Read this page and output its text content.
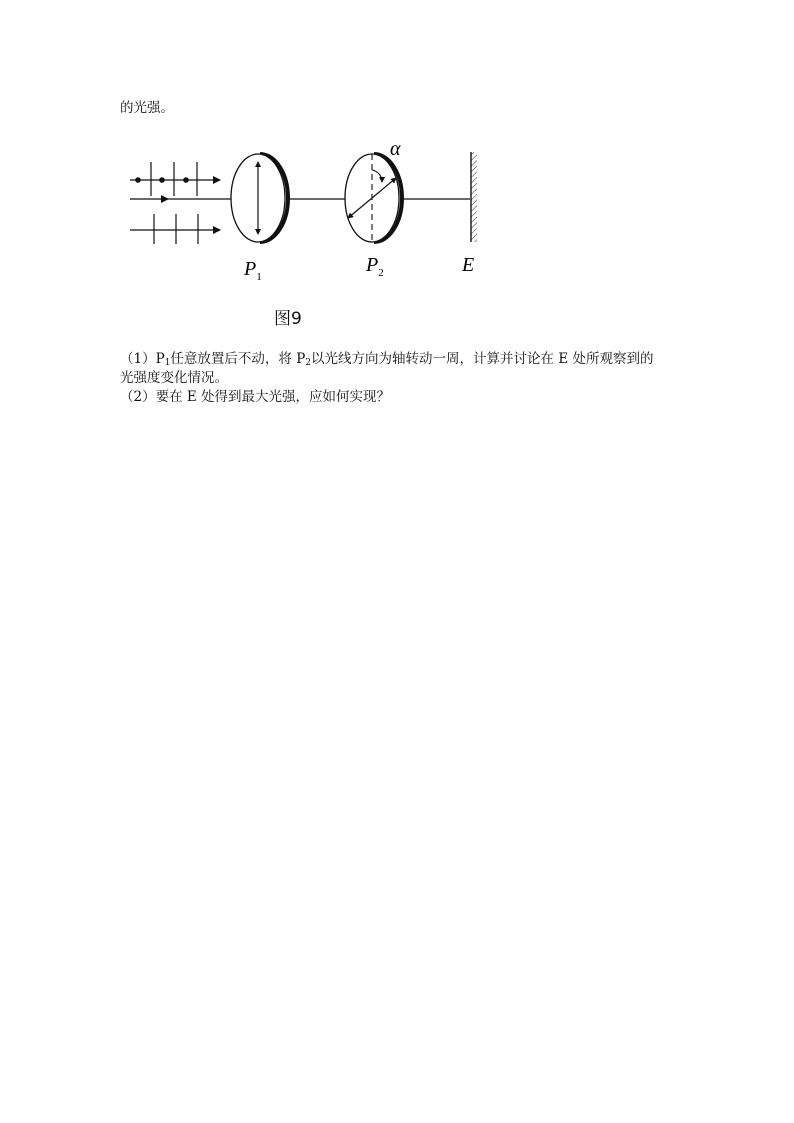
的光强。
$P_1$
$P_2$	E
α
图9
$(1)P_1$任意放置后不动，将 $P_2$以光线方向为轴转动一周，计算并讨论在 E 处所观察到的
光强度变化情况。
（2）要在 E 处得到最大光强，应如何实现？
